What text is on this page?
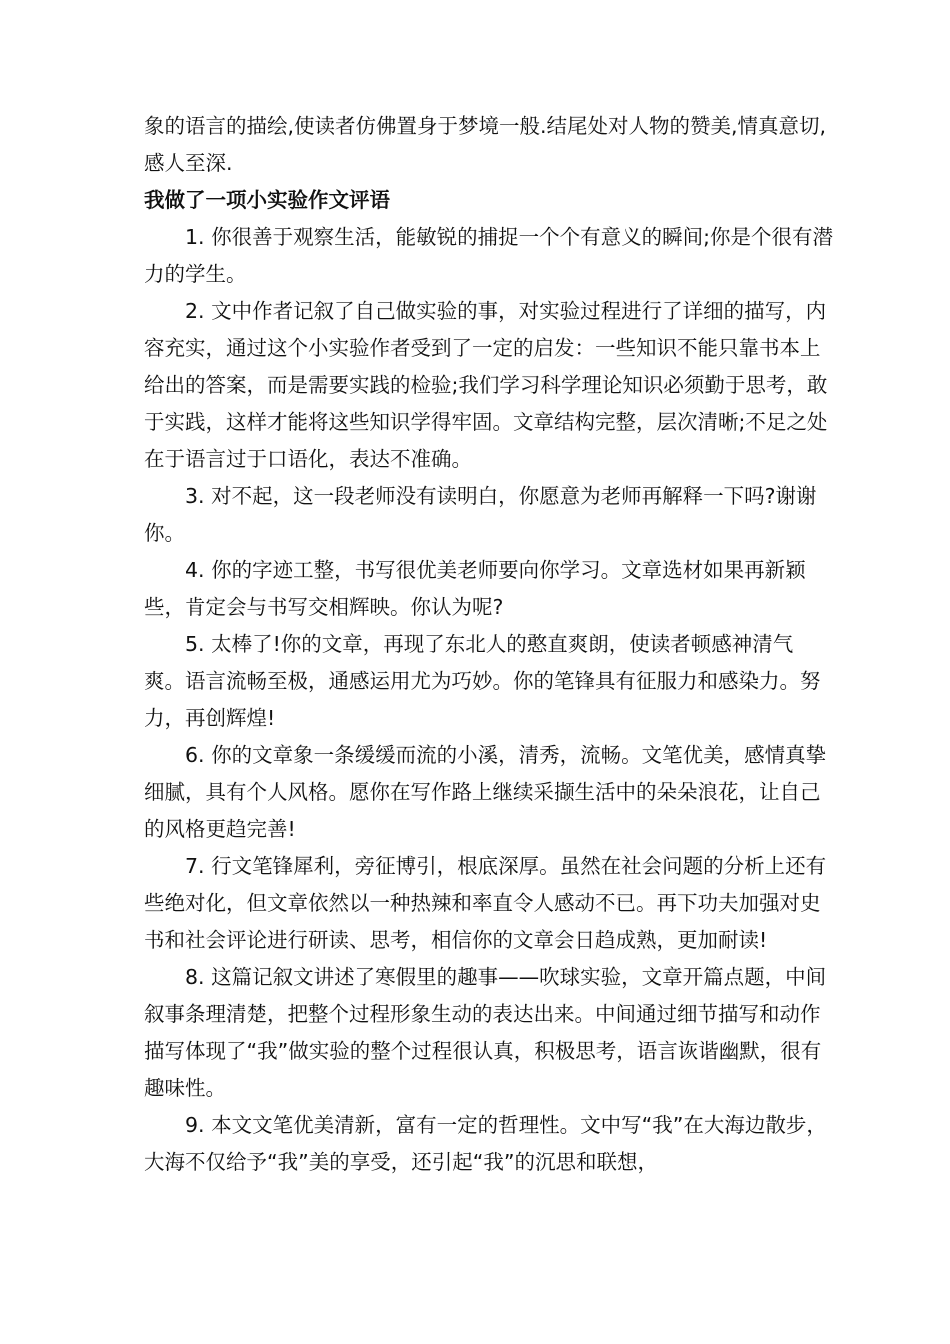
象的语言的描绘,使读者仿佛置身于梦境一般.结尾处对人物的赞美,情真意切,感人至深.

我做了一项小实验作文评语

1. 你很善于观察生活，能敏锐的捕捉一个个有意义的瞬间;你是个很有潜力的学生。

2. 文中作者记叙了自己做实验的事，对实验过程进行了详细的描写，内容充实，通过这个小实验作者受到了一定的启发：一些知识不能只靠书本上给出的答案，而是需要实践的检验;我们学习科学理论知识必须勤于思考，敢于实践，这样才能将这些知识学得牢固。文章结构完整，层次清晰;不足之处在于语言过于口语化，表达不准确。

3. 对不起，这一段老师没有读明白，你愿意为老师再解释一下吗?谢谢你。

4. 你的字迹工整，书写很优美老师要向你学习。文章选材如果再新颖些，肯定会与书写交相辉映。你认为呢?

5. 太棒了!你的文章，再现了东北人的憨直爽朗，使读者顿感神清气爽。语言流畅至极，通感运用尤为巧妙。你的笔锋具有征服力和感染力。努力，再创辉煌!

6. 你的文章象一条缓缓而流的小溪，清秀，流畅。文笔优美，感情真挚细腻，具有个人风格。愿你在写作路上继续采撷生活中的朵朵浪花，让自己的风格更趋完善!

7. 行文笔锋犀利，旁征博引，根底深厚。虽然在社会问题的分析上还有些绝对化，但文章依然以一种热辣和率直令人感动不已。再下功夫加强对史书和社会评论进行研读、思考，相信你的文章会日趋成熟，更加耐读!

8. 这篇记叙文讲述了寒假里的趣事——吹球实验，文章开篇点题，中间叙事条理清楚，把整个过程形象生动的表达出来。中间通过细节描写和动作描写体现了“我”做实验的整个过程很认真，积极思考，语言诙谐幽默，很有趣味性。

9. 本文文笔优美清新，富有一定的哲理性。文中写“我”在大海边散步，大海不仅给予“我”美的享受，还引起“我”的沉思和联想，
